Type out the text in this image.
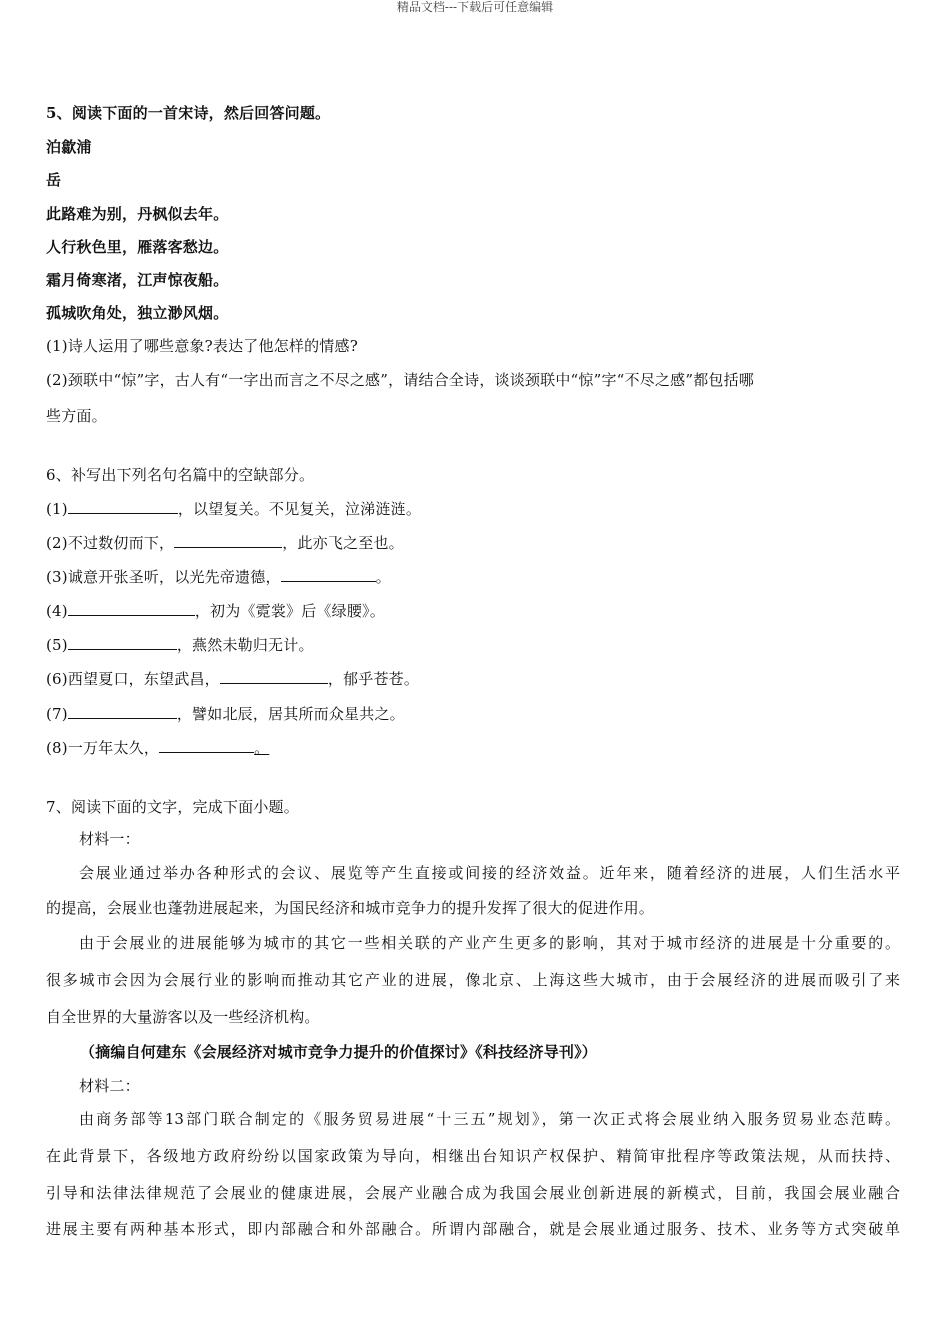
精品文档---下载后可任意编辑
5、阅读下面的一首宋诗，然后回答问题。
泊歙浦
岳
此路难为别，丹枫似去年。
人行秋色里，雁落客愁边。
霜月倚寒渚，江声惊夜船。
孤城吹角处，独立渺风烟。
(1)诗人运用了哪些意象?表达了他怎样的情感?
(2)颈联中“惊”字，古人有“一字出而言之不尽之感”，请结合全诗，谈谈颈联中“惊”字“不尽之感”都包括哪
些方面。
6、补写出下列名句名篇中的空缺部分。
(1)	，以望复关。不见复关，泣涕涟涟。
(2)不过数仞而下，	，此亦飞之至也。
(3)诚意开张圣听，以光先帝遗德，	。
(4)	，初为《霓裳》后《绿腰》。
(5)	，燕然未勒归无计。
(6)西望夏口，东望武昌，	，郁乎苍苍。
(7)	，譬如北辰，居其所而众星共之。
(8)一万年太久，	。
7、阅读下面的文字，完成下面小题。
材料一：
会展业通过举办各种形式的会议、展览等产生直接或间接的经济效益。近年来，随着经济的进展，人们生活水平
的提高，会展业也蓬勃进展起来，为国民经济和城市竞争力的提升发挥了很大的促进作用。
由于会展业的进展能够为城市的其它一些相关联的产业产生更多的影响，其对于城市经济的进展是十分重要的。
很多城市会因为会展行业的影响而推动其它产业的进展，像北京、上海这些大城市，由于会展经济的进展而吸引了来
自全世界的大量游客以及一些经济机构。
（摘编自何建东《会展经济对城市竞争力提升的价值探讨》《科技经济导刊》）
材料二：
由商务部等13部门联合制定的《服务贸易进展“十三五”规划》，第一次正式将会展业纳入服务贸易业态范畴。
在此背景下，各级地方政府纷纷以国家政策为导向，相继出台知识产权保护、精简审批程序等政策法规，从而扶持、
引导和法律法律规范了会展业的健康进展，会展产业融合成为我国会展业创新进展的新模式，目前，我国会展业融合
进展主要有两种基本形式，即内部融合和外部融合。所谓内部融合，就是会展业通过服务、技术、业务等方式突破单
